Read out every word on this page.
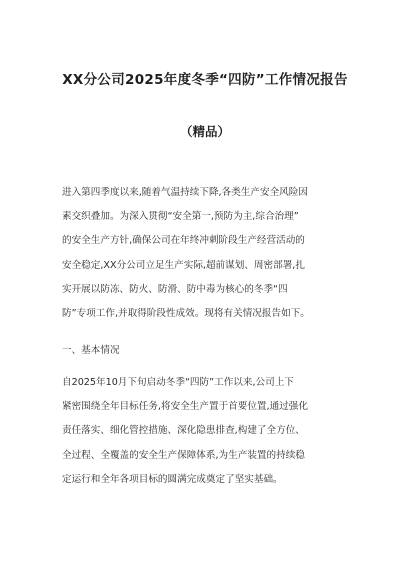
XX分公司2025年度冬季“四防”工作情况报告
（精品）
进入第四季度以来,随着气温持续下降,各类生产安全风险因
素交织叠加。为深入贯彻“安全第一,预防为主,综合治理”
的安全生产方针,确保公司在年终冲刺阶段生产经营活动的
安全稳定,XX分公司立足生产实际,超前谋划、周密部署,扎
实开展以防冻、防火、防滑、防中毒为核心的冬季“四
防”专项工作,并取得阶段性成效。现将有关情况报告如下。
一、基本情况
自2025年10月下旬启动冬季“四防”工作以来,公司上下
紧密围绕全年目标任务,将安全生产置于首要位置,通过强化
责任落实、细化管控措施、深化隐患排查,构建了全方位、
全过程、全覆盖的安全生产保障体系,为生产装置的持续稳
定运行和全年各项目标的圆满完成奠定了坚实基础。
